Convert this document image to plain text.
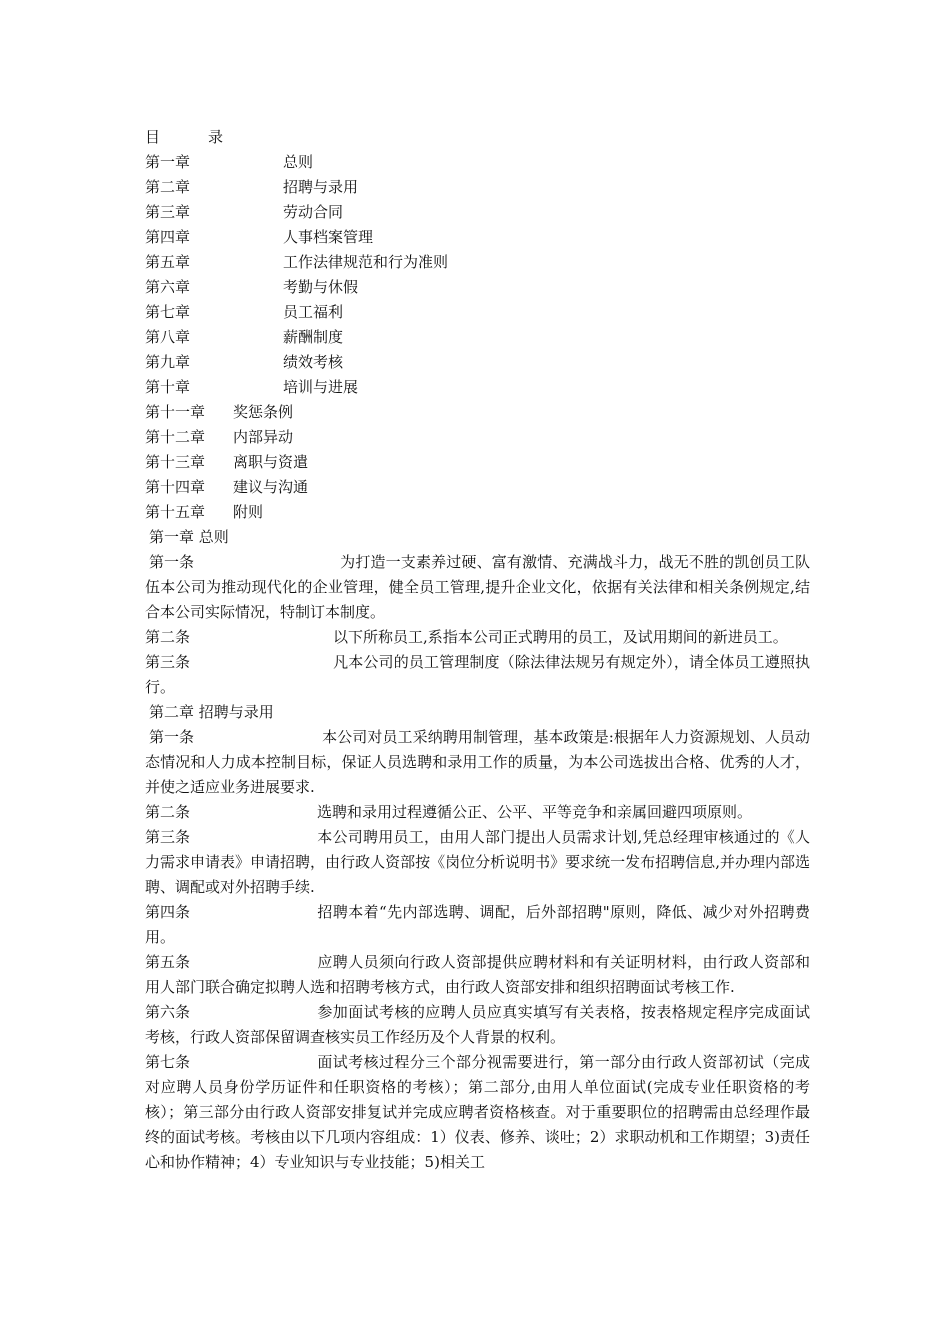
目	录
第一章	总则
第二章	招聘与录用
第三章	劳动合同
第四章	人事档案管理
第五章	工作法律规范和行为准则
第六章	考勤与休假
第七章	员工福利
第八章	薪酬制度
第九章	绩效考核
第十章	培训与进展
第十一章 奖惩条例
第十二章 内部异动
第十三章 离职与资遣
第十四章 建议与沟通
第十五章 附则
第一章 总则
第一条	为打造一支素养过硬、富有激情、充满战斗力，战无不胜的凯创员工队伍本公司为推动现代化的企业管理，健全员工管理,提升企业文化，依据有关法律和相关条例规定,结合本公司实际情况，特制订本制度。
第二条	以下所称员工,系指本公司正式聘用的员工，及试用期间的新进员工。
第三条	凡本公司的员工管理制度（除法律法规另有规定外），请全体员工遵照执行。
第二章 招聘与录用
第一条	本公司对员工采纳聘用制管理，基本政策是:根据年人力资源规划、人员动态情况和人力成本控制目标，保证人员选聘和录用工作的质量，为本公司选拔出合格、优秀的人才，并使之适应业务进展要求.
第二条	选聘和录用过程遵循公正、公平、平等竞争和亲属回避四项原则。
第三条	本公司聘用员工，由用人部门提出人员需求计划,凭总经理审核通过的《人力需求申请表》申请招聘，由行政人资部按《岗位分析说明书》要求统一发布招聘信息,并办理内部选聘、调配或对外招聘手续.
第四条	招聘本着“先内部选聘、调配，后外部招聘"原则，降低、减少对外招聘费用。
第五条	应聘人员须向行政人资部提供应聘材料和有关证明材料，由行政人资部和用人部门联合确定拟聘人选和招聘考核方式，由行政人资部安排和组织招聘面试考核工作.
第六条	参加面试考核的应聘人员应真实填写有关表格，按表格规定程序完成面试考核，行政人资部保留调查核实员工作经历及个人背景的权利。
第七条	面试考核过程分三个部分视需要进行，第一部分由行政人资部初试（完成对应聘人员身份学历证件和任职资格的考核）；第二部分,由用人单位面试(完成专业任职资格的考核）；第三部分由行政人资部安排复试并完成应聘者资格核查。对于重要职位的招聘需由总经理作最终的面试考核。考核由以下几项内容组成：1）仪表、修养、谈吐；2）求职动机和工作期望；3)责任心和协作精神；4）专业知识与专业技能；5)相关工
